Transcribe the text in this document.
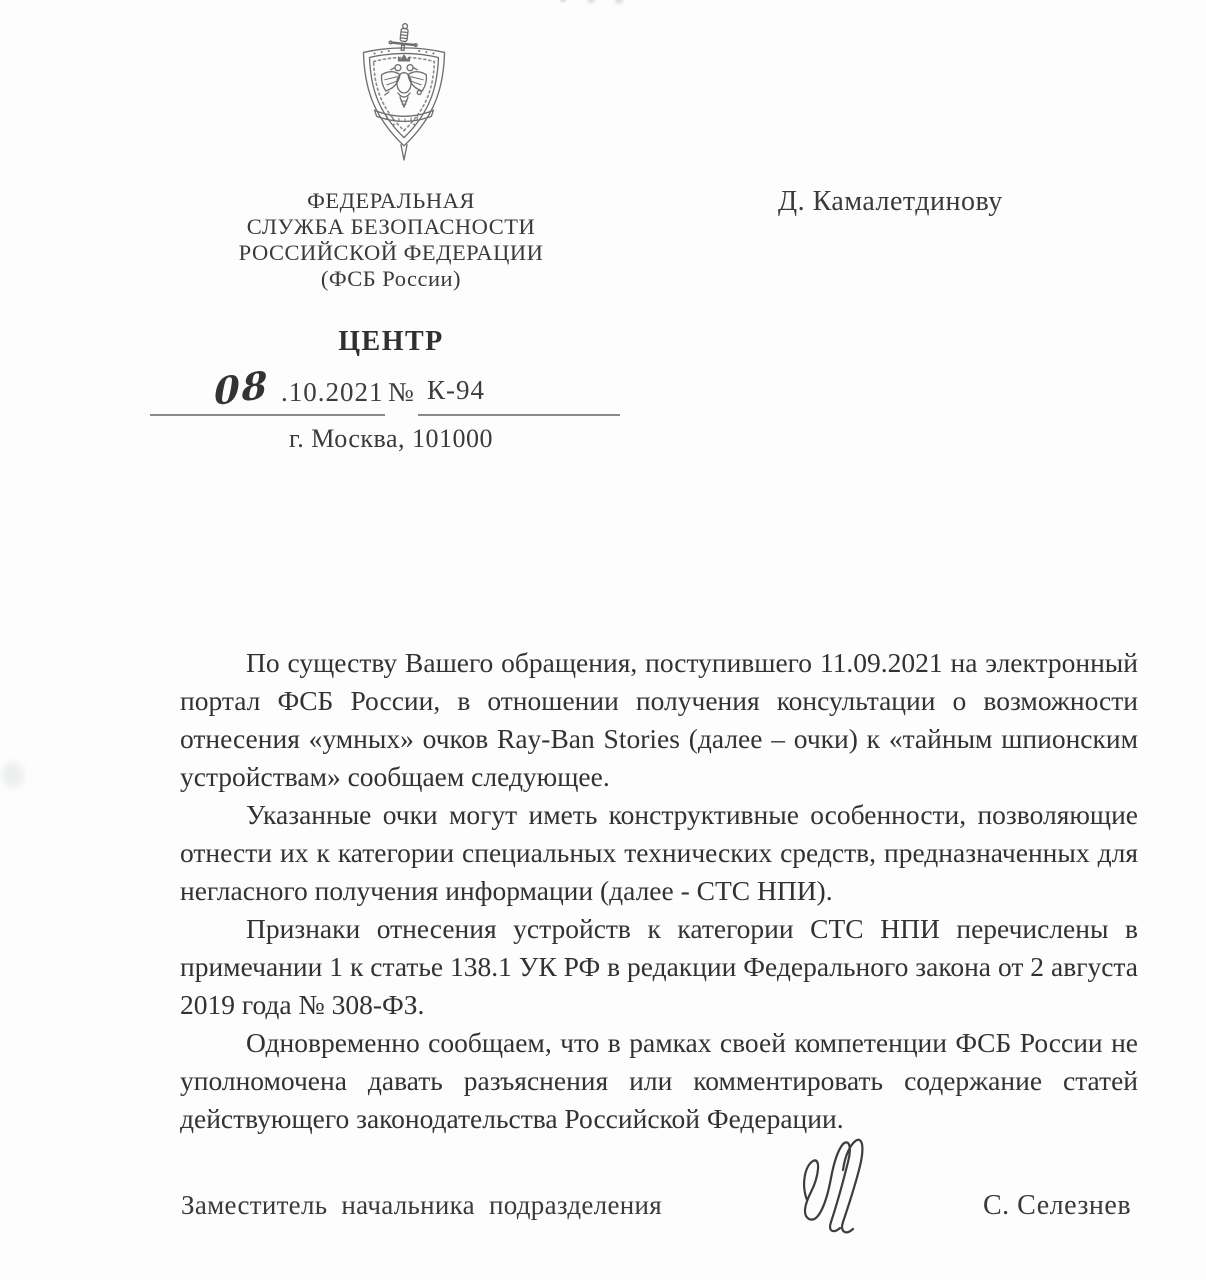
ФЕДЕРАЛЬНАЯ
СЛУЖБА БЕЗОПАСНОСТИ
РОССИЙСКОЙ ФЕДЕРАЦИИ
(ФСБ России)
Д. Камалетдинову
ЦЕНТР
08 .10.2021 № К-94
г. Москва, 101000

По существу Вашего обращения, поступившего 11.09.2021 на электронный портал ФСБ России, в отношении получения консультации о возможности отнесения «умных» очков Ray-Ban Stories (далее – очки) к «тайным шпионским устройствам» сообщаем следующее.

Указанные очки могут иметь конструктивные особенности, позволяющие отнести их к категории специальных технических средств, предназначенных для негласного получения информации (далее - СТС НПИ).

Признаки отнесения устройств к категории СТС НПИ перечислены в примечании 1 к статье 138.1 УК РФ в редакции Федерального закона от 2 августа 2019 года № 308-ФЗ.

Одновременно сообщаем, что в рамках своей компетенции ФСБ России не уполномочена давать разъяснения или комментировать содержание статей действующего законодательства Российской Федерации.

Заместитель начальника подразделения	С. Селезнев
